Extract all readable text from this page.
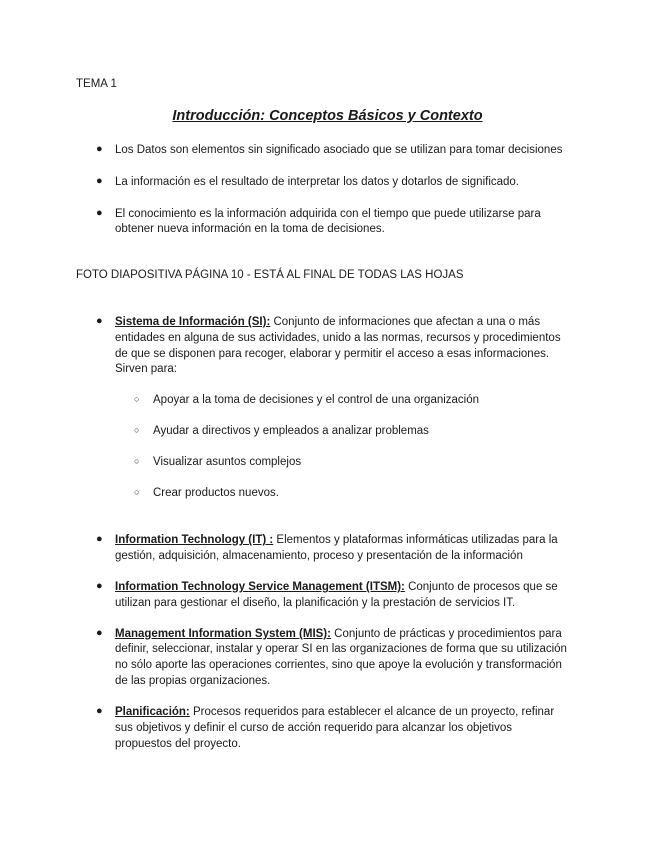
TEMA 1
Introducción: Conceptos Básicos y Contexto
● Los Datos son elementos sin significado asociado que se utilizan para tomar decisiones
● La información es el resultado de interpretar los datos y dotarlos de significado.
● El conocimiento es la información adquirida con el tiempo que puede utilizarse para
obtener nueva información en la toma de decisiones.
FOTO DIAPOSITIVA PÁGINA 10 - ESTÁ AL FINAL DE TODAS LAS HOJAS
● Sistema de Información (SI): Conjunto de informaciones que afectan a una o más
entidades en alguna de sus actividades, unido a las normas, recursos y procedimientos
de que se disponen para recoger, elaborar y permitir el acceso a esas informaciones.
Sirven para:
○ Apoyar a la toma de decisiones y el control de una organización
○ Ayudar a directivos y empleados a analizar problemas
○ Visualizar asuntos complejos
○ Crear productos nuevos.
● Information Technology (IT) : Elementos y plataformas informáticas utilizadas para la
gestión, adquisición, almacenamiento, proceso y presentación de la información
● Information Technology Service Management (ITSM): Conjunto de procesos que se
utilizan para gestionar el diseño, la planificación y la prestación de servicios IT.
● Management Information System (MIS): Conjunto de prácticas y procedimientos para
definir, seleccionar, instalar y operar SI en las organizaciones de forma que su utilización
no sólo aporte las operaciones corrientes, sino que apoye la evolución y transformación
de las propias organizaciones.
● Planificación: Procesos requeridos para establecer el alcance de un proyecto, refinar
sus objetivos y definir el curso de acción requerido para alcanzar los objetivos
propuestos del proyecto.
